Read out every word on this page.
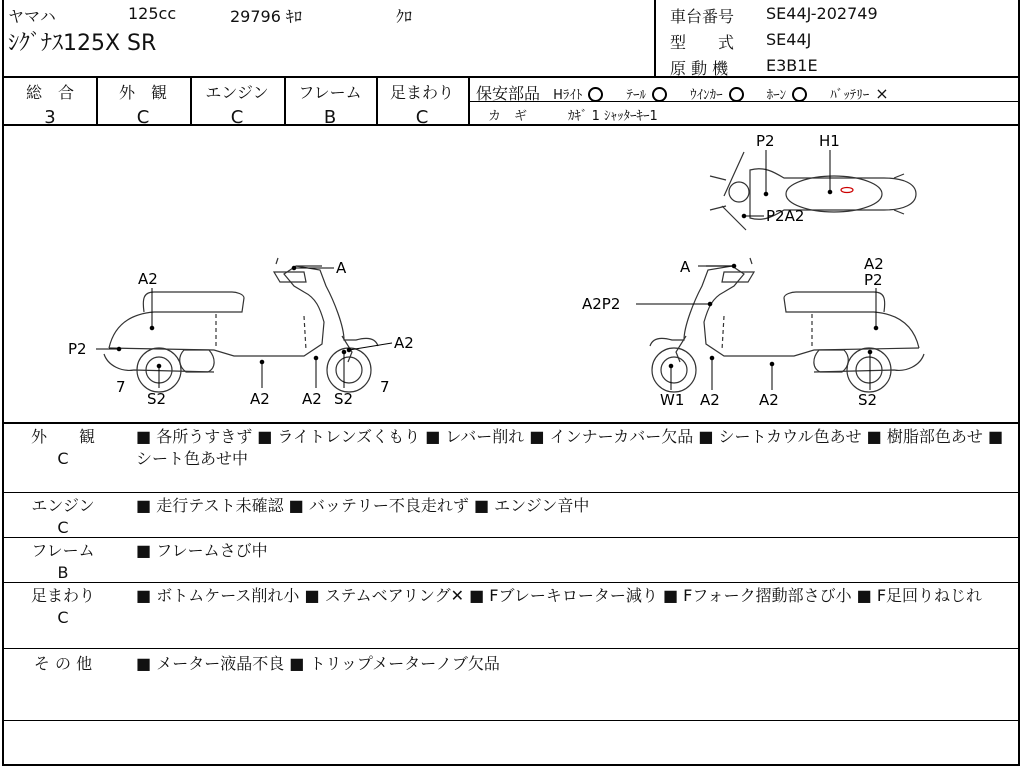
ヤマハ	125cc	29796 ｷﾛ	ｸﾛ
ｼｸﾞﾅｽ125X SR
車台番号 SE44J-202749
型　　式 SE44J
原 動 機 E3B1E
総　合
3
外　観
C
エンジン
C
フレーム
B
足まわり
C
保安部品 Hﾗｲﾄ	ﾃｰﾙ	ｳｲﾝｶｰ	ﾎｰﾝ	ﾊﾞｯﾃﾘｰ ×
カ　ギ	ｶｷﾞ 1 ｼｬｯﾀｰｷｰ1
A
A2
P2	A2
7	7
S2	A2 A2 S2
A
A2P2
A2
P2
W1 A2	A2	S2
P2	H1
P2A2
外　　観
C
■ 各所うすきず ■ ライトレンズくもり ■ レバー削れ ■ インナーカバー欠品 ■ シートカウル色あせ ■ 樹脂部色あせ ■ シート色あせ中
エンジン
C
■ 走行テスト未確認 ■ バッテリー不良走れず ■ エンジン音中
フレーム
B
■ フレームさび中
足まわり
C
■ ボトムケース削れ小 ■ ステムベアリング✕ ■ Fブレーキローター減り ■ Fフォーク摺動部さび小 ■ F足回りねじれ
そ の 他	■ メーター液晶不良 ■ トリップメーターノブ欠品
